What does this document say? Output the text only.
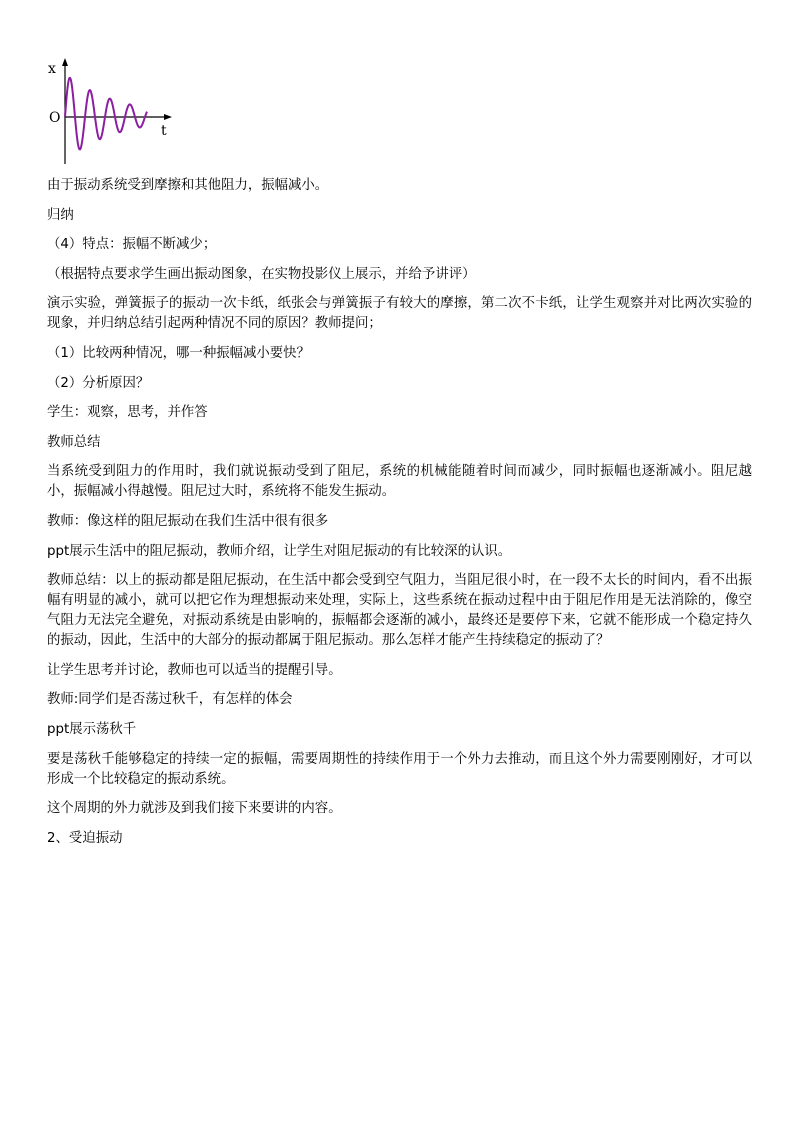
x
O
t

由于振动系统受到摩擦和其他阻力，振幅减小。

归纳

（4）特点：振幅不断减少；

（根据特点要求学生画出振动图象，在实物投影仪上展示，并给予讲评）

演示实验，弹簧振子的振动一次卡纸，纸张会与弹簧振子有较大的摩擦，第二次不卡纸，让学生观察并对比两次实验的现象，并归纳总结引起两种情况不同的原因？教师提问；

（1）比较两种情况，哪一种振幅减小要快？

（2）分析原因？

学生：观察，思考，并作答

教师总结

当系统受到阻力的作用时，我们就说振动受到了阻尼，系统的机械能随着时间而减少，同时振幅也逐渐减小。阻尼越小，振幅减小得越慢。阻尼过大时，系统将不能发生振动。

教师：像这样的阻尼振动在我们生活中很有很多

ppt展示生活中的阻尼振动，教师介绍，让学生对阻尼振动的有比较深的认识。

教师总结：以上的振动都是阻尼振动，在生活中都会受到空气阻力，当阻尼很小时，在一段不太长的时间内，看不出振幅有明显的减小，就可以把它作为理想振动来处理，实际上，这些系统在振动过程中由于阻尼作用是无法消除的，像空气阻力无法完全避免，对振动系统是由影响的，振幅都会逐渐的减小，最终还是要停下来，它就不能形成一个稳定持久的振动，因此，生活中的大部分的振动都属于阻尼振动。那么怎样才能产生持续稳定的振动了？

让学生思考并讨论，教师也可以适当的提醒引导。

教师:同学们是否荡过秋千，有怎样的体会

ppt展示荡秋千

要是荡秋千能够稳定的持续一定的振幅，需要周期性的持续作用于一个外力去推动，而且这个外力需要刚刚好，才可以形成一个比较稳定的振动系统。

这个周期的外力就涉及到我们接下来要讲的内容。

2、受迫振动
